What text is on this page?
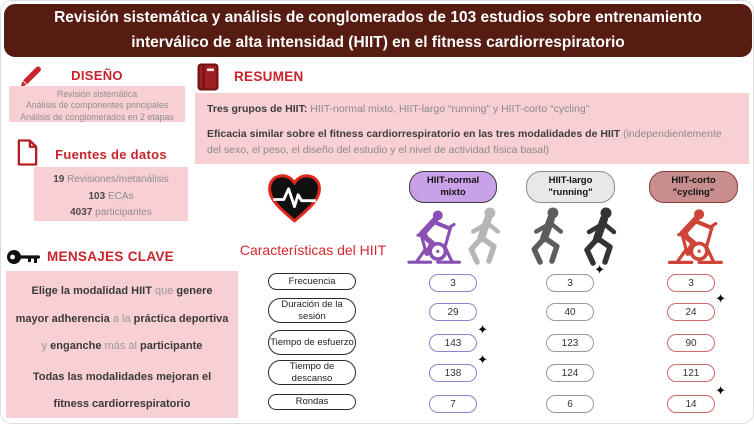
Revisión sistemática y análisis de conglomerados de 103 estudios sobre entrenamiento interválico de alta intensidad (HIIT) en el fitness cardiorrespiratorio
DISEÑO
Revisión sistemática
Análisis de componentes principales
Análisis de conglomerados en 2 etapas
Fuentes de datos
19 Revisiones/metanálisis
103 ECAs
4037 participantes
MENSAJES CLAVE
Elige la modalidad HIIT que genere mayor adherencia a la práctica deportiva y enganche más al participante
Todas las modalidades mejoran el fitness cardiorrespiratorio
RESUMEN
Tres grupos de HIIT: HIIT-normal mixto, HIIT-largo “running” y HIIT-corto “cycling”
Eficacia similar sobre el fitness cardiorrespiratorio en las tres modalidades de HIIT (independientemente del sexo, el peso, el diseño del estudio y el nivel de actividad física basal)
Características del HIIT
HIIT-normal
mixto
HIIT-largo
"running"
HIIT-corto
"cycling"
Frecuencia
Duración de la sesión
Tiempo de esfuerzo
Tiempo de descanso
Rondas
3
29
143
✦
138
✦
7
3
✦
40
123
124
6
3
24
✦
90
121
14
✦
